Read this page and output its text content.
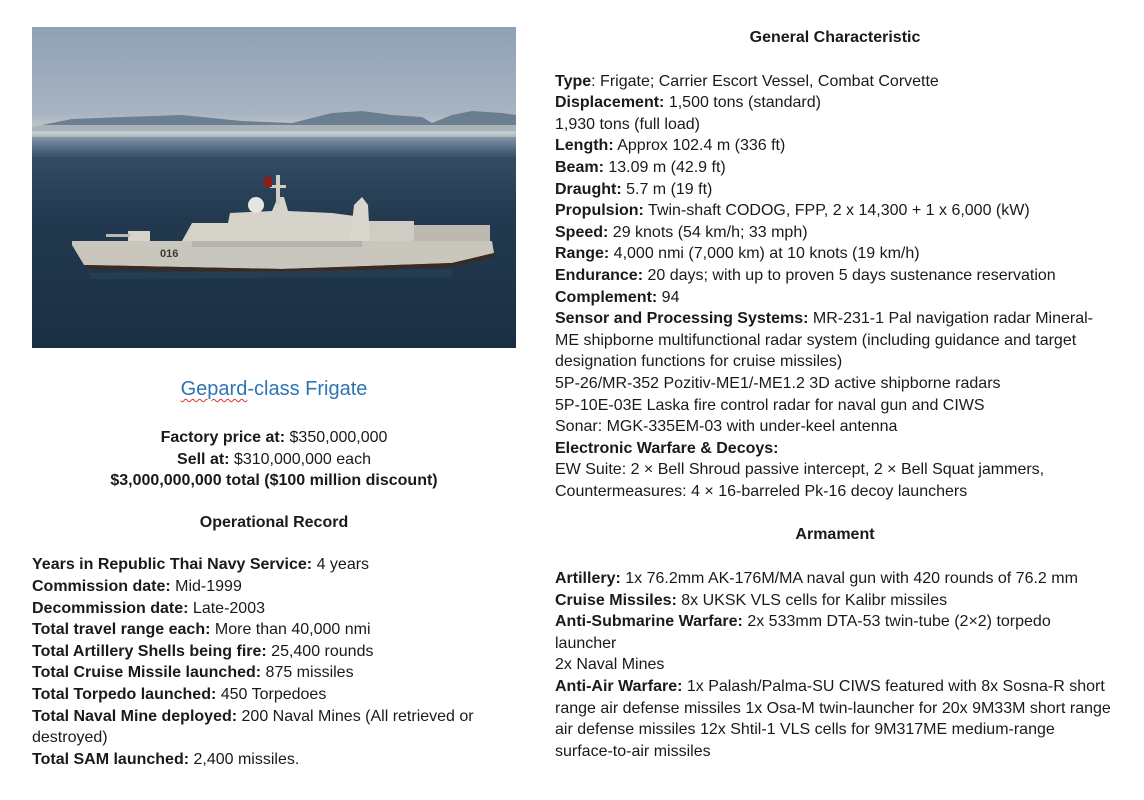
016
Gepard-class Frigate

Factory price at: $350,000,000

Sell at: $310,000,000 each

$3,000,000,000 total ($100 million discount)

Operational Record

Years in Republic Thai Navy Service: 4 years

Commission date: Mid-1999

Decommission date: Late-2003

Total travel range each: More than 40,000 nmi

Total Artillery Shells being fire: 25,400 rounds

Total Cruise Missile launched: 875 missiles

Total Torpedo launched: 450 Torpedoes

Total Naval Mine deployed: 200 Naval Mines (All retrieved or destroyed)

Total SAM launched: 2,400 missiles.

General Characteristic

Type: Frigate; Carrier Escort Vessel, Combat Corvette

Displacement: 1,500 tons (standard)

1,930 tons (full load)

Length: Approx 102.4 m (336 ft)

Beam: 13.09 m (42.9 ft)

Draught: 5.7 m (19 ft)

Propulsion: Twin-shaft CODOG, FPP, 2 x 14,300 + 1 x 6,000 (kW)

Speed: 29 knots (54 km/h; 33 mph)

Range: 4,000 nmi (7,000 km) at 10 knots (19 km/h)

Endurance: 20 days; with up to proven 5 days sustenance reservation

Complement: 94

Sensor and Processing Systems: MR-231-1 Pal navigation radar Mineral-ME shipborne multifunctional radar system (including guidance and target designation functions for cruise missiles)

5P-26/MR-352 Pozitiv-ME1/-ME1.2 3D active shipborne radars

5P-10E-03E Laska fire control radar for naval gun and CIWS

Sonar: MGK-335EM-03 with under-keel antenna

Electronic Warfare & Decoys:

EW Suite: 2 × Bell Shroud passive intercept, 2 × Bell Squat jammers,

Countermeasures: 4 × 16-barreled Pk-16 decoy launchers

Armament

Artillery: 1x 76.2mm AK-176M/MA naval gun with 420 rounds of 76.2 mm

Cruise Missiles: 8x UKSK VLS cells for Kalibr missiles

Anti-Submarine Warfare: 2x 533mm DTA-53 twin-tube (2×2) torpedo launcher

2x Naval Mines

Anti-Air Warfare: 1x Palash/Palma-SU CIWS featured with 8x Sosna-R short range air defense missiles 1x Osa-M twin-launcher for 20x 9M33M short range air defense missiles 12x Shtil-1 VLS cells for 9M317ME medium-range surface-to-air missiles
